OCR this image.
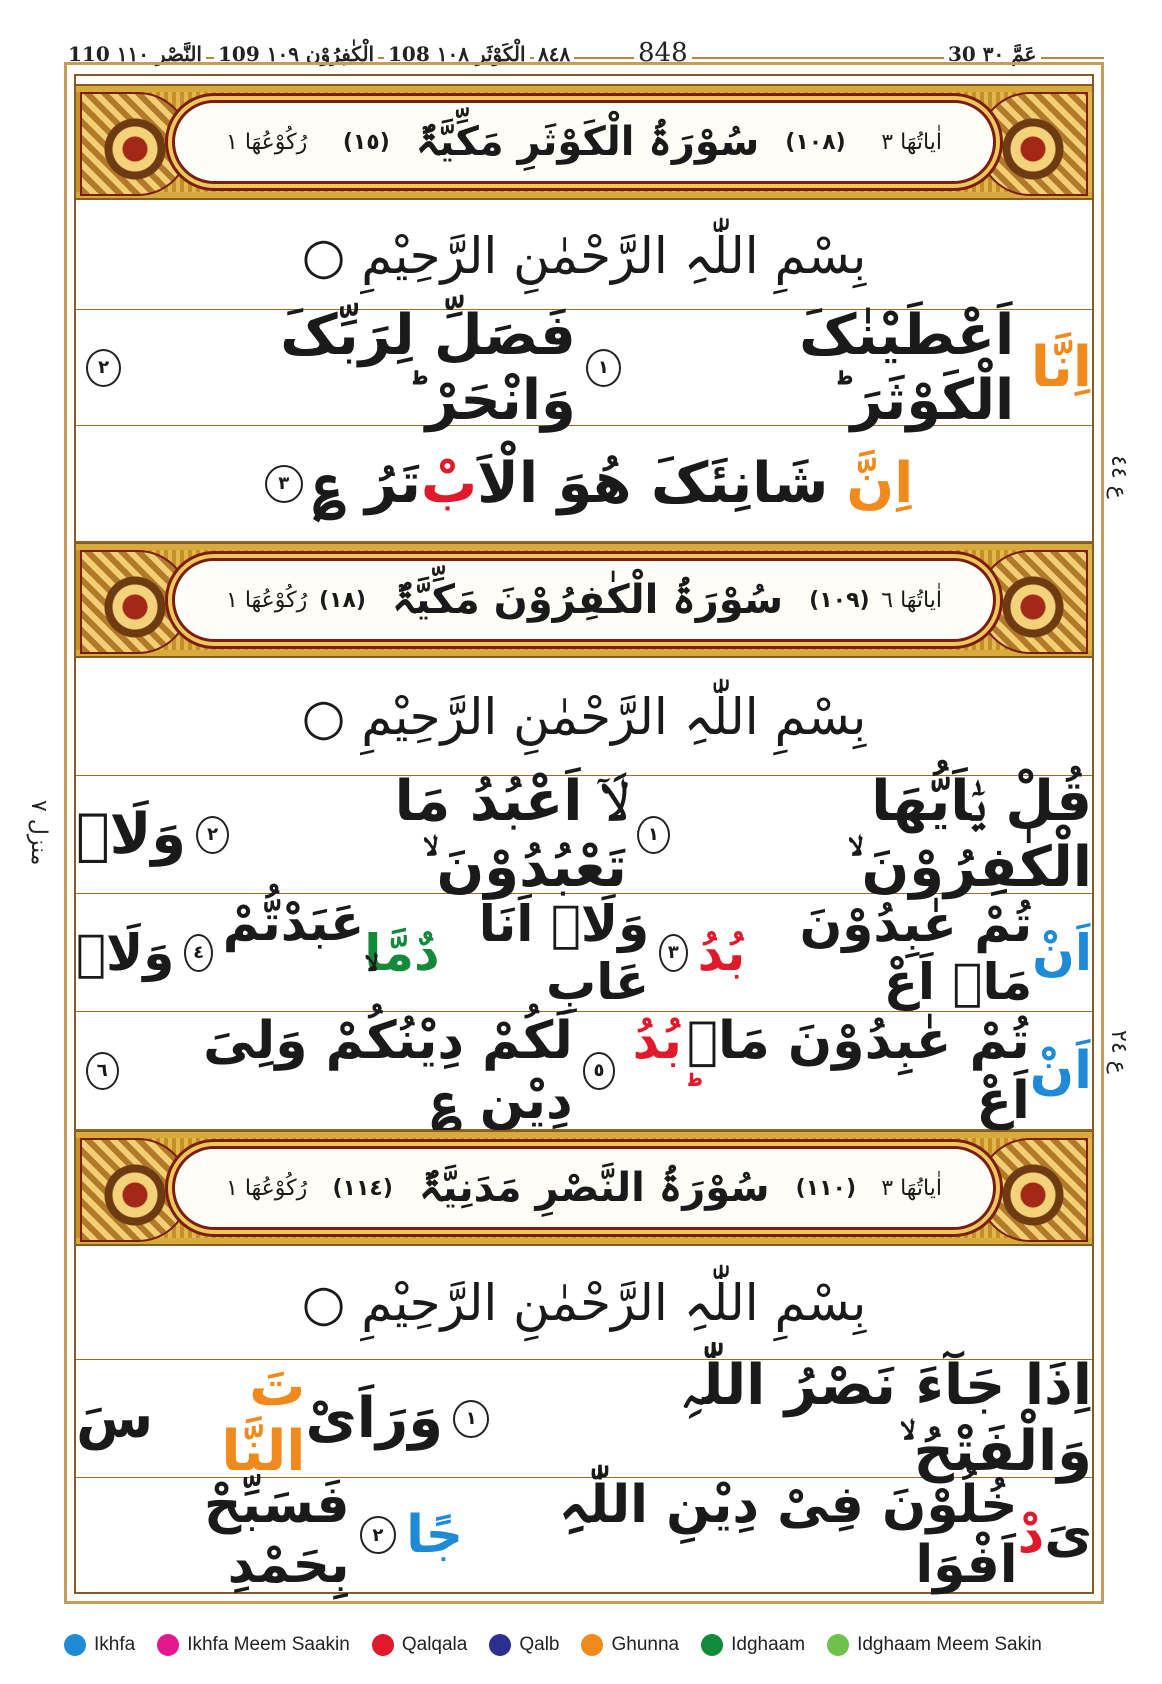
110 النَّصْر ١١٠ 109 الْكٰفِرُوْن ١٠٩ 108 الْكَوْثَر ١٠٨ ٨٤٨	848	30 عَمَّ ٣٠
ع ٤٤
ع ٢٤
منزل ٧
اٰیاتُھَا ٣
(١٠٨)
سُوْرَۃُ الْکَوْثَرِ مَکِّیَّۃٌ
(١٥)
رُکُوْعُھَا ١
بِسْمِ اللّٰہِ الرَّحْمٰنِ الرَّحِیْمِ ○
اِنَّا
اَعْطَیْنٰکَ الْکَوْثَرَ ؕ
١
فَصَلِّ لِرَبِّکَ وَانْحَرْ ؕ
٢
اِنَّ
شَانِئَکَ هُوَ الْاَ
بْ
تَرُ ؏
٣
اٰیاتُھَا ٦
(١٠٩)
سُوْرَۃُ الْکٰفِرُوْنَ مَکِّیَّۃٌ
(١٨)
رُکُوْعُھَا ١
بِسْمِ اللّٰہِ الرَّحْمٰنِ الرَّحِیْمِ ○
قُلْ یٰۤاَیُّھَا الْکٰفِرُوْنَ ۙ
١
لَاۤ اَعْبُدُ مَا تَعْبُدُوْنَ ۙ
٢
وَلَاۤ
اَنْ
تُمْ عٰبِدُوْنَ مَاۤ اَعْ
بُدُ
٣
وَلَاۤ اَنَا عَابِ
دٌ
مَّا
عَبَدْتُّمْ
٤
وَلَاۤ
اَنْ
تُمْ عٰبِدُوْنَ مَاۤ اَعْ
بُدُ
٥
لَکُمْ دِیْنُکُمْ وَلِیَ دِیْنِ ؏
٦
اٰیاتُھَا ٣
(١١٠)
سُوْرَۃُ النَّصْرِ مَدَنِیَّۃٌ
(١١٤)
رُکُوْعُھَا ١
بِسْمِ اللّٰہِ الرَّحْمٰنِ الرَّحِیْمِ ○
اِذَا جَآءَ نَصْرُ اللّٰہِ وَالْفَتْحُ ۙ
١
وَرَاَیْ
تَ النَّا
سَ
یَ
دْ
خُلُوْنَ فِیْ دِیْنِ اللّٰہِ اَفْوَا
جًا
٢
فَسَبِّحْ بِحَمْدِ
Ikhfa	Ikhfa Meem Saakin	Qalqala	Qalb	Ghunna	Idghaam	Idghaam Meem Sakin
